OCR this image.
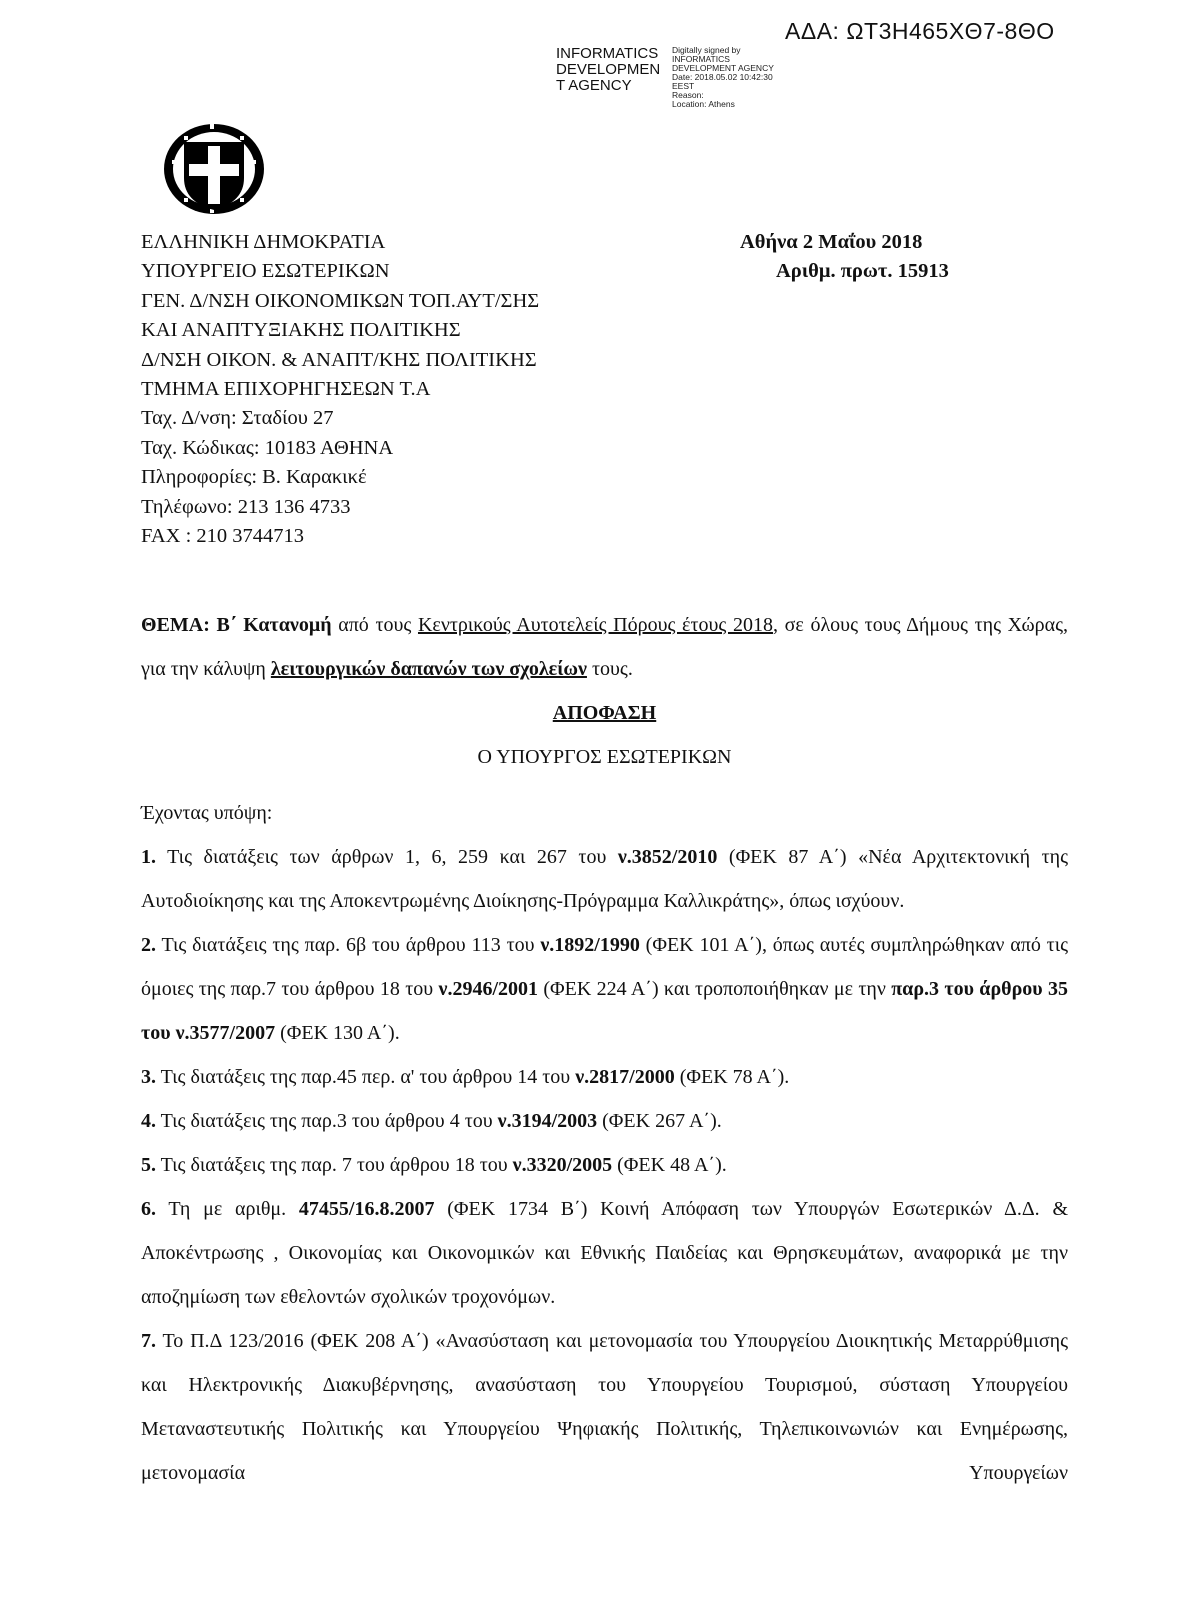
ΑΔΑ: ΩΤ3Η465ΧΘ7-8ΘΟ
INFORMATICS
DEVELOPMEN
T AGENCY
Digitally signed by
INFORMATICS
DEVELOPMENT AGENCY
Date: 2018.05.02 10:42:30
EEST
Reason:
Location: Athens
ΕΛΛΗΝΙΚΗ ΔΗΜΟΚΡΑΤΙΑ
ΥΠΟΥΡΓΕΙΟ ΕΣΩΤΕΡΙΚΩΝ
ΓΕΝ. Δ/ΝΣΗ ΟΙΚΟΝΟΜΙΚΩΝ ΤΟΠ.ΑΥΤ/ΣΗΣ
ΚΑΙ ΑΝΑΠΤΥΞΙΑΚΗΣ ΠΟΛΙΤΙΚΗΣ
Δ/ΝΣΗ ΟΙΚΟΝ. & ΑΝΑΠΤ/ΚΗΣ ΠΟΛΙΤΙΚΗΣ
ΤΜΗΜΑ ΕΠΙΧΟΡΗΓΗΣΕΩΝ Τ.Α
Ταχ. Δ/νση: Σταδίου 27
Ταχ. Κώδικας: 10183 ΑΘΗΝΑ
Πληροφορίες: Β. Καρακικέ
Τηλέφωνο: 213 136 4733
FAX : 210 3744713
Αθήνα 2 Μαΐου 2018
Αριθμ. πρωτ. 15913

ΘΕΜΑ: Β΄ Κατανομή από τους Κεντρικούς Αυτοτελείς Πόρους έτους 2018, σε όλους τους Δήμους της Χώρας, για την κάλυψη λειτουργικών δαπανών των σχολείων τους.

ΑΠΟΦΑΣΗ

Ο ΥΠΟΥΡΓΟΣ ΕΣΩΤΕΡΙΚΩΝ

Έχοντας υπόψη:

1. Τις διατάξεις των άρθρων 1, 6, 259 και 267 του ν.3852/2010 (ΦΕΚ 87 Α΄) «Νέα Αρχιτεκτονική της Αυτοδιοίκησης και της Αποκεντρωμένης Διοίκησης-Πρόγραμμα Καλλικράτης», όπως ισχύουν.

2. Τις διατάξεις της παρ. 6β του άρθρου 113 του ν.1892/1990 (ΦΕΚ 101 Α΄), όπως αυτές συμπληρώθηκαν από τις όμοιες της παρ.7 του άρθρου 18 του ν.2946/2001 (ΦΕΚ 224 Α΄) και τροποποιήθηκαν με την παρ.3 του άρθρου 35 του ν.3577/2007 (ΦΕΚ 130 Α΄).

3. Τις διατάξεις της παρ.45 περ. α' του άρθρου 14 του ν.2817/2000 (ΦΕΚ 78 Α΄).

4. Τις διατάξεις της παρ.3 του άρθρου 4 του ν.3194/2003 (ΦΕΚ 267 Α΄).

5. Τις διατάξεις της παρ. 7 του άρθρου 18 του ν.3320/2005 (ΦΕΚ 48 Α΄).

6. Τη με αριθμ. 47455/16.8.2007 (ΦΕΚ 1734 Β΄) Κοινή Απόφαση των Υπουργών Εσωτερικών Δ.Δ. & Αποκέντρωσης , Οικονομίας και Οικονομικών και Εθνικής Παιδείας και Θρησκευμάτων, αναφορικά με την αποζημίωση των εθελοντών σχολικών τροχονόμων.

7. Το Π.Δ 123/2016 (ΦΕΚ 208 Α΄) «Ανασύσταση και μετονομασία του Υπουργείου Διοικητικής Μεταρρύθμισης και Ηλεκτρονικής Διακυβέρνησης, ανασύσταση του Υπουργείου Τουρισμού, σύσταση Υπουργείου Μεταναστευτικής Πολιτικής και Υπουργείου Ψηφιακής Πολιτικής, Τηλεπικοινωνιών και Ενημέρωσης, μετονομασία Υπουργείων
